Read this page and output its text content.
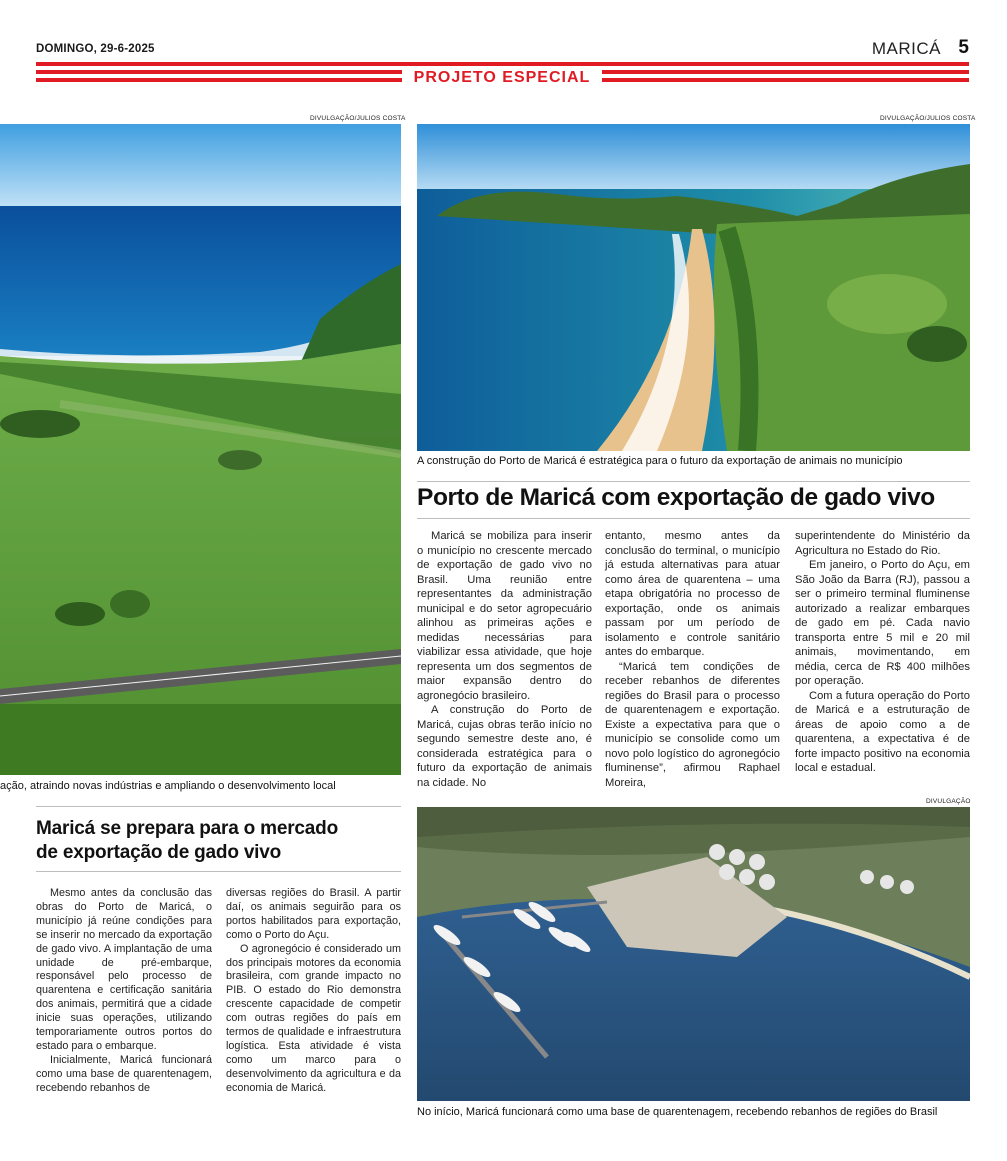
DOMINGO, 29-6-2025	MARICÁ 5
PROJETO ESPECIAL
DIVULGAÇÃO/JULIOS COSTA
ação, atraindo novas indústrias e ampliando o desenvolvimento local
DIVULGAÇÃO/JULIOS COSTA
A construção do Porto de Maricá é estratégica para o futuro da exportação de animais no município
Porto de Maricá com exportação de gado vivo

Maricá se mobiliza para inserir o município no crescente mercado de exportação de gado vivo no Brasil. Uma reunião entre representantes da administração municipal e do setor agropecuário alinhou as primeiras ações e medidas necessárias para viabilizar essa atividade, que hoje representa um dos segmentos de maior expansão dentro do agronegócio brasileiro.

A construção do Porto de Maricá, cujas obras terão início no segundo semestre deste ano, é considerada estratégica para o futuro da exportação de animais na cidade. No

entanto, mesmo antes da conclusão do terminal, o município já estuda alternativas para atuar como área de quarentena – uma etapa obrigatória no processo de exportação, onde os animais passam por um período de isolamento e controle sanitário antes do embarque.

“Maricá tem condições de receber rebanhos de diferentes regiões do Brasil para o processo de quarentenagem e exportação. Existe a expectativa para que o município se consolide como um novo polo logístico do agronegócio fluminense”, afirmou Raphael Moreira,

superintendente do Ministério da Agricultura no Estado do Rio.

Em janeiro, o Porto do Açu, em São João da Barra (RJ), passou a ser o primeiro terminal fluminense autorizado a realizar embarques de gado em pé. Cada navio transporta entre 5 mil e 20 mil animais, movimentando, em média, cerca de R$ 400 milhões por operação.

Com a futura operação do Porto de Maricá e a estruturação de áreas de apoio como a de quarentena, a expectativa é de forte impacto positivo na economia local e estadual.

Maricá se prepara para o mercado
de exportação de gado vivo

Mesmo antes da conclusão das obras do Porto de Maricá, o município já reúne condições para se inserir no mercado da exportação de gado vivo. A implantação de uma unidade de pré-embarque, responsável pelo processo de quarentena e certificação sanitária dos animais, permitirá que a cidade inicie suas operações, utilizando temporariamente outros portos do estado para o embarque.

Inicialmente, Maricá funcionará como uma base de quarentenagem, recebendo rebanhos de

diversas regiões do Brasil. A partir daí, os animais seguirão para os portos habilitados para exportação, como o Porto do Açu.

O agronegócio é considerado um dos principais motores da economia brasileira, com grande impacto no PIB. O estado do Rio demonstra crescente capacidade de competir com outras regiões do país em termos de qualidade e infraestrutura logística. Esta atividade é vista como um marco para o desenvolvimento da agricultura e da economia de Maricá.

DIVULGAÇÃO
No início, Maricá funcionará como uma base de quarentenagem, recebendo rebanhos de regiões do Brasil
